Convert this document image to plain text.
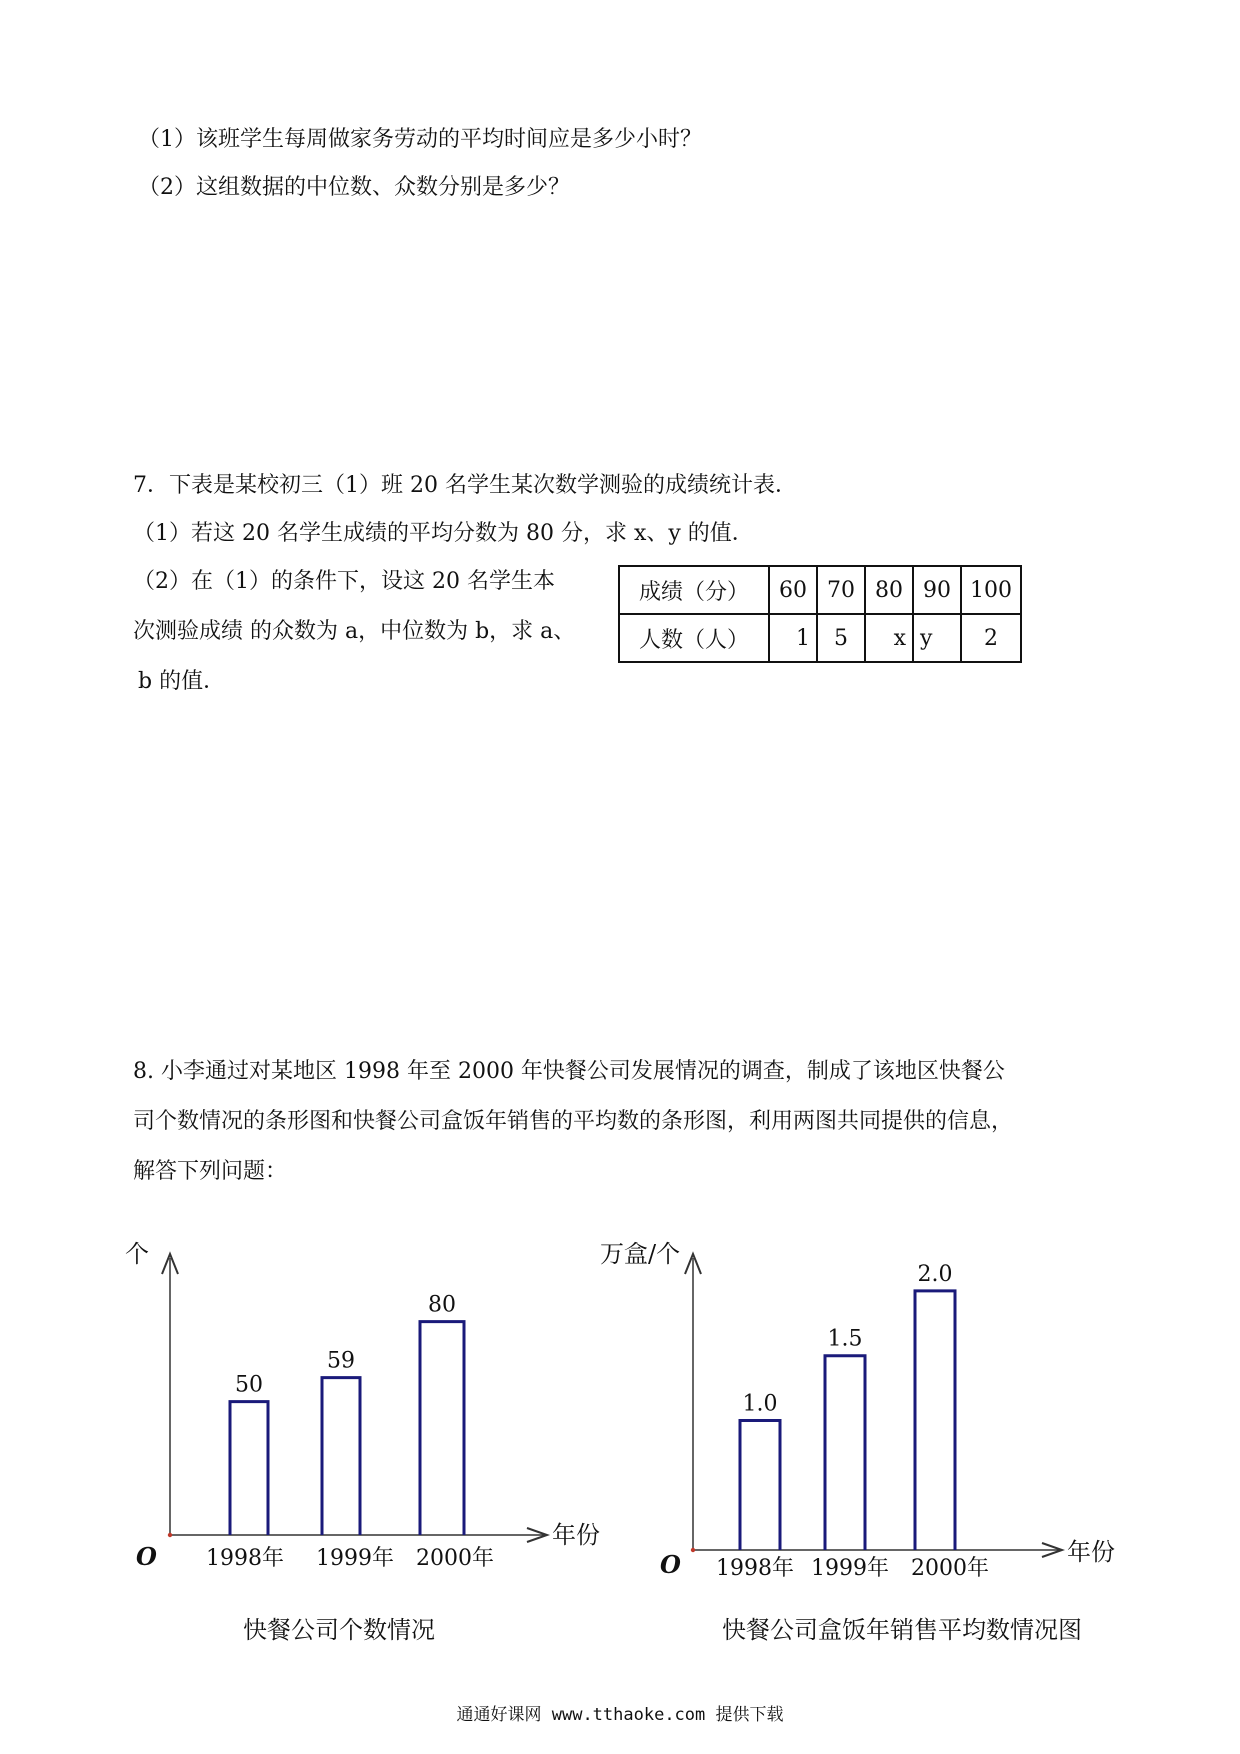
（1）该班学生每周做家务劳动的平均时间应是多少小时？
（2）这组数据的中位数、众数分别是多少？
7．下表是某校初三（1）班 20 名学生某次数学测验的成绩统计表．
（1）若这 20 名学生成绩的平均分数为 80 分，求 x、y 的值．
（2）在（1）的条件下，设这 20 名学生本
次测验成绩 的众数为 a，中位数为 b，求 a、
b 的值．
成绩（分）	60	70	80	90	100
人数（人）	1	5	x	y	2
8. 小李通过对某地区 1998 年至 2000 年快餐公司发展情况的调查，制成了该地区快餐公
司个数情况的条形图和快餐公司盒饭年销售的平均数的条形图，利用两图共同提供的信息，
解答下列问题：
个
年份
O
50
1998年
59
1999年
80
2000年
万盒/个
年份
O
1.0
1998年
1.5
1999年
2.0
2000年
快餐公司个数情况	快餐公司盒饭年销售平均数情况图
通通好课网 www.tthaoke.com 提供下载
